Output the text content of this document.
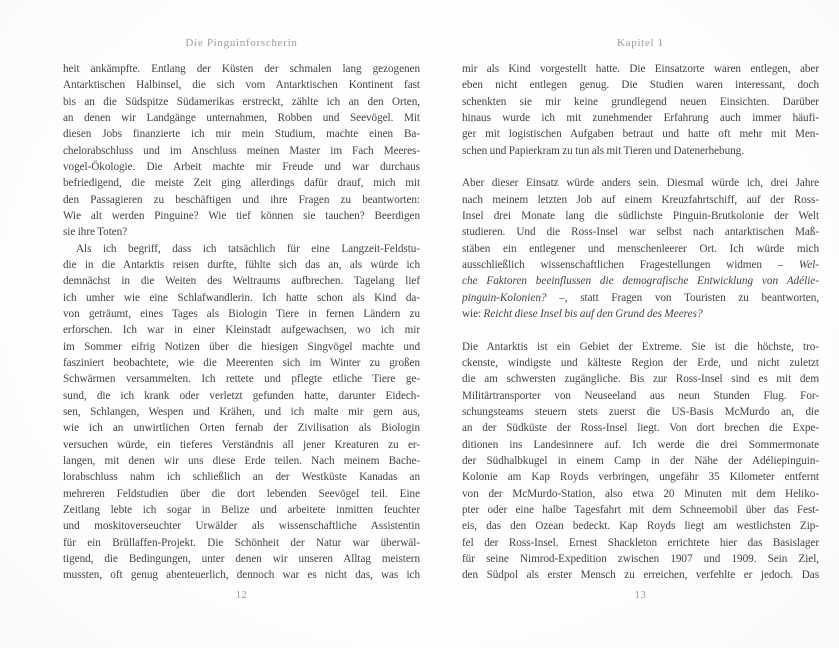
Die Pinguinforscherin
heit ankämpfte. Entlang der Küsten der schmalen lang gezogenen
Antarktischen Halbinsel, die sich vom Antarktischen Kontinent fast
bis an die Südspitze Südamerikas erstreckt, zählte ich an den Orten,
an denen wir Landgänge unternahmen, Robben und Seevögel. Mit
diesen Jobs finanzierte ich mir mein Studium, machte einen Ba-
chelorabschluss und im Anschluss meinen Master im Fach Meeres-
vogel-Ökologie. Die Arbeit machte mir Freude und war durchaus
befriedigend, die meiste Zeit ging allerdings dafür drauf, mich mit
den Passagieren zu beschäftigen und ihre Fragen zu beantworten:
Wie alt werden Pinguine? Wie tief können sie tauchen? Beerdigen
sie ihre Toten?
Als ich begriff, dass ich tatsächlich für eine Langzeit-Feldstu-
die in die Antarktis reisen durfte, fühlte sich das an, als würde ich
demnächst in die Weiten des Weltraums aufbrechen. Tagelang lief
ich umher wie eine Schlafwandlerin. Ich hatte schon als Kind da-
von geträumt, eines Tages als Biologin Tiere in fernen Ländern zu
erforschen. Ich war in einer Kleinstadt aufgewachsen, wo ich mir
im Sommer eifrig Notizen über die hiesigen Singvögel machte und
fasziniert beobachtete, wie die Meerenten sich im Winter zu großen
Schwärmen versammelten. Ich rettete und pflegte etliche Tiere ge-
sund, die ich krank oder verletzt gefunden hatte, darunter Eidech-
sen, Schlangen, Wespen und Krähen, und ich malte mir gern aus,
wie ich an unwirtlichen Orten fernab der Zivilisation als Biologin
versuchen würde, ein tieferes Verständnis all jener Kreaturen zu er-
langen, mit denen wir uns diese Erde teilen. Nach meinem Bache-
lorabschluss nahm ich schließlich an der Westküste Kanadas an
mehreren Feldstudien über die dort lebenden Seevögel teil. Eine
Zeitlang lebte ich sogar in Belize und arbeitete inmitten feuchter
und moskitoverseuchter Urwälder als wissenschaftliche Assistentin
für ein Brüllaffen-Projekt. Die Schönheit der Natur war überwäl-
tigend, die Bedingungen, unter denen wir unseren Alltag meistern
mussten, oft genug abenteuerlich, dennoch war es nicht das, was ich
12
Kapitel 1
mir als Kind vorgestellt hatte. Die Einsatzorte waren entlegen, aber
eben nicht entlegen genug. Die Studien waren interessant, doch
schenkten sie mir keine grundlegend neuen Einsichten. Darüber
hinaus wurde ich mit zunehmender Erfahrung auch immer häufi-
ger mit logistischen Aufgaben betraut und hatte oft mehr mit Men-
schen und Papierkram zu tun als mit Tieren und Datenerhebung.
Aber dieser Einsatz würde anders sein. Diesmal würde ich, drei Jahre
nach meinem letzten Job auf einem Kreuzfahrtschiff, auf der Ross-
Insel drei Monate lang die südlichste Pinguin-Brutkolonie der Welt
studieren. Und die Ross-Insel war selbst nach antarktischen Maß-
stäben ein entlegener und menschenleerer Ort. Ich würde mich
ausschließlich wissenschaftlichen Fragestellungen widmen – Wel-
che Faktoren beeinflussen die demografische Entwicklung von Adélie-
pinguin-Kolonien? –, statt Fragen von Touristen zu beantworten,
wie: Reicht diese Insel bis auf den Grund des Meeres?
Die Antarktis ist ein Gebiet der Extreme. Sie ist die höchste, tro-
ckenste, windigste und kälteste Region der Erde, und nicht zuletzt
die am schwersten zugängliche. Bis zur Ross-Insel sind es mit dem
Militärtransporter von Neuseeland aus neun Stunden Flug. For-
schungsteams steuern stets zuerst die US-Basis McMurdo an, die
an der Südküste der Ross-Insel liegt. Von dort brechen die Expe-
ditionen ins Landesinnere auf. Ich werde die drei Sommermonate
der Südhalbkugel in einem Camp in der Nähe der Adéliepinguin-
Kolonie am Kap Royds verbringen, ungefähr 35 Kilometer entfernt
von der McMurdo-Station, also etwa 20 Minuten mit dem Heliko-
pter oder eine halbe Tagesfahrt mit dem Schneemobil über das Fest-
eis, das den Ozean bedeckt. Kap Royds liegt am westlichsten Zip-
fel der Ross-Insel. Ernest Shackleton errichtete hier das Basislager
für seine Nimrod-Expedition zwischen 1907 und 1909. Sein Ziel,
den Südpol als erster Mensch zu erreichen, verfehlte er jedoch. Das
13
